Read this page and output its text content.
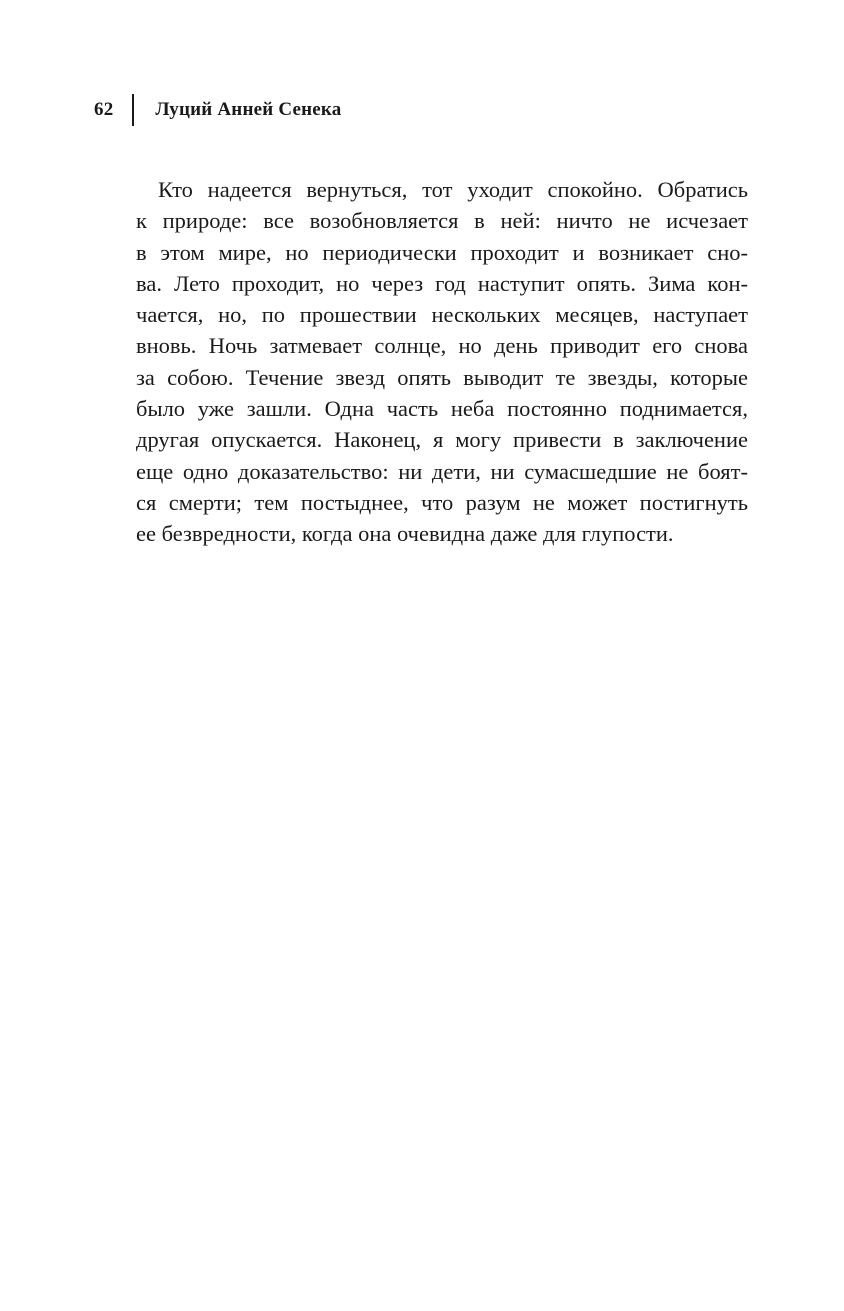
62 Луций Анней Сенека

Кто надеется вернуться, тот уходит спокойно. Обратись
к природе: все возобновляется в ней: ничто не исчезает
в этом мире, но периодически проходит и возникает сно-
ва. Лето проходит, но через год наступит опять. Зима кон-
чается, но, по прошествии нескольких месяцев, наступает
вновь. Ночь затмевает солнце, но день приводит его снова
за собою. Течение звезд опять выводит те звезды, которые
было уже зашли. Одна часть неба постоянно поднимается,
другая опускается. Наконец, я могу привести в заключение
еще одно доказательство: ни дети, ни сумасшедшие не боят-
ся смерти; тем постыднее, что разум не может постигнуть
ее безвредности, когда она очевидна даже для глупости.
